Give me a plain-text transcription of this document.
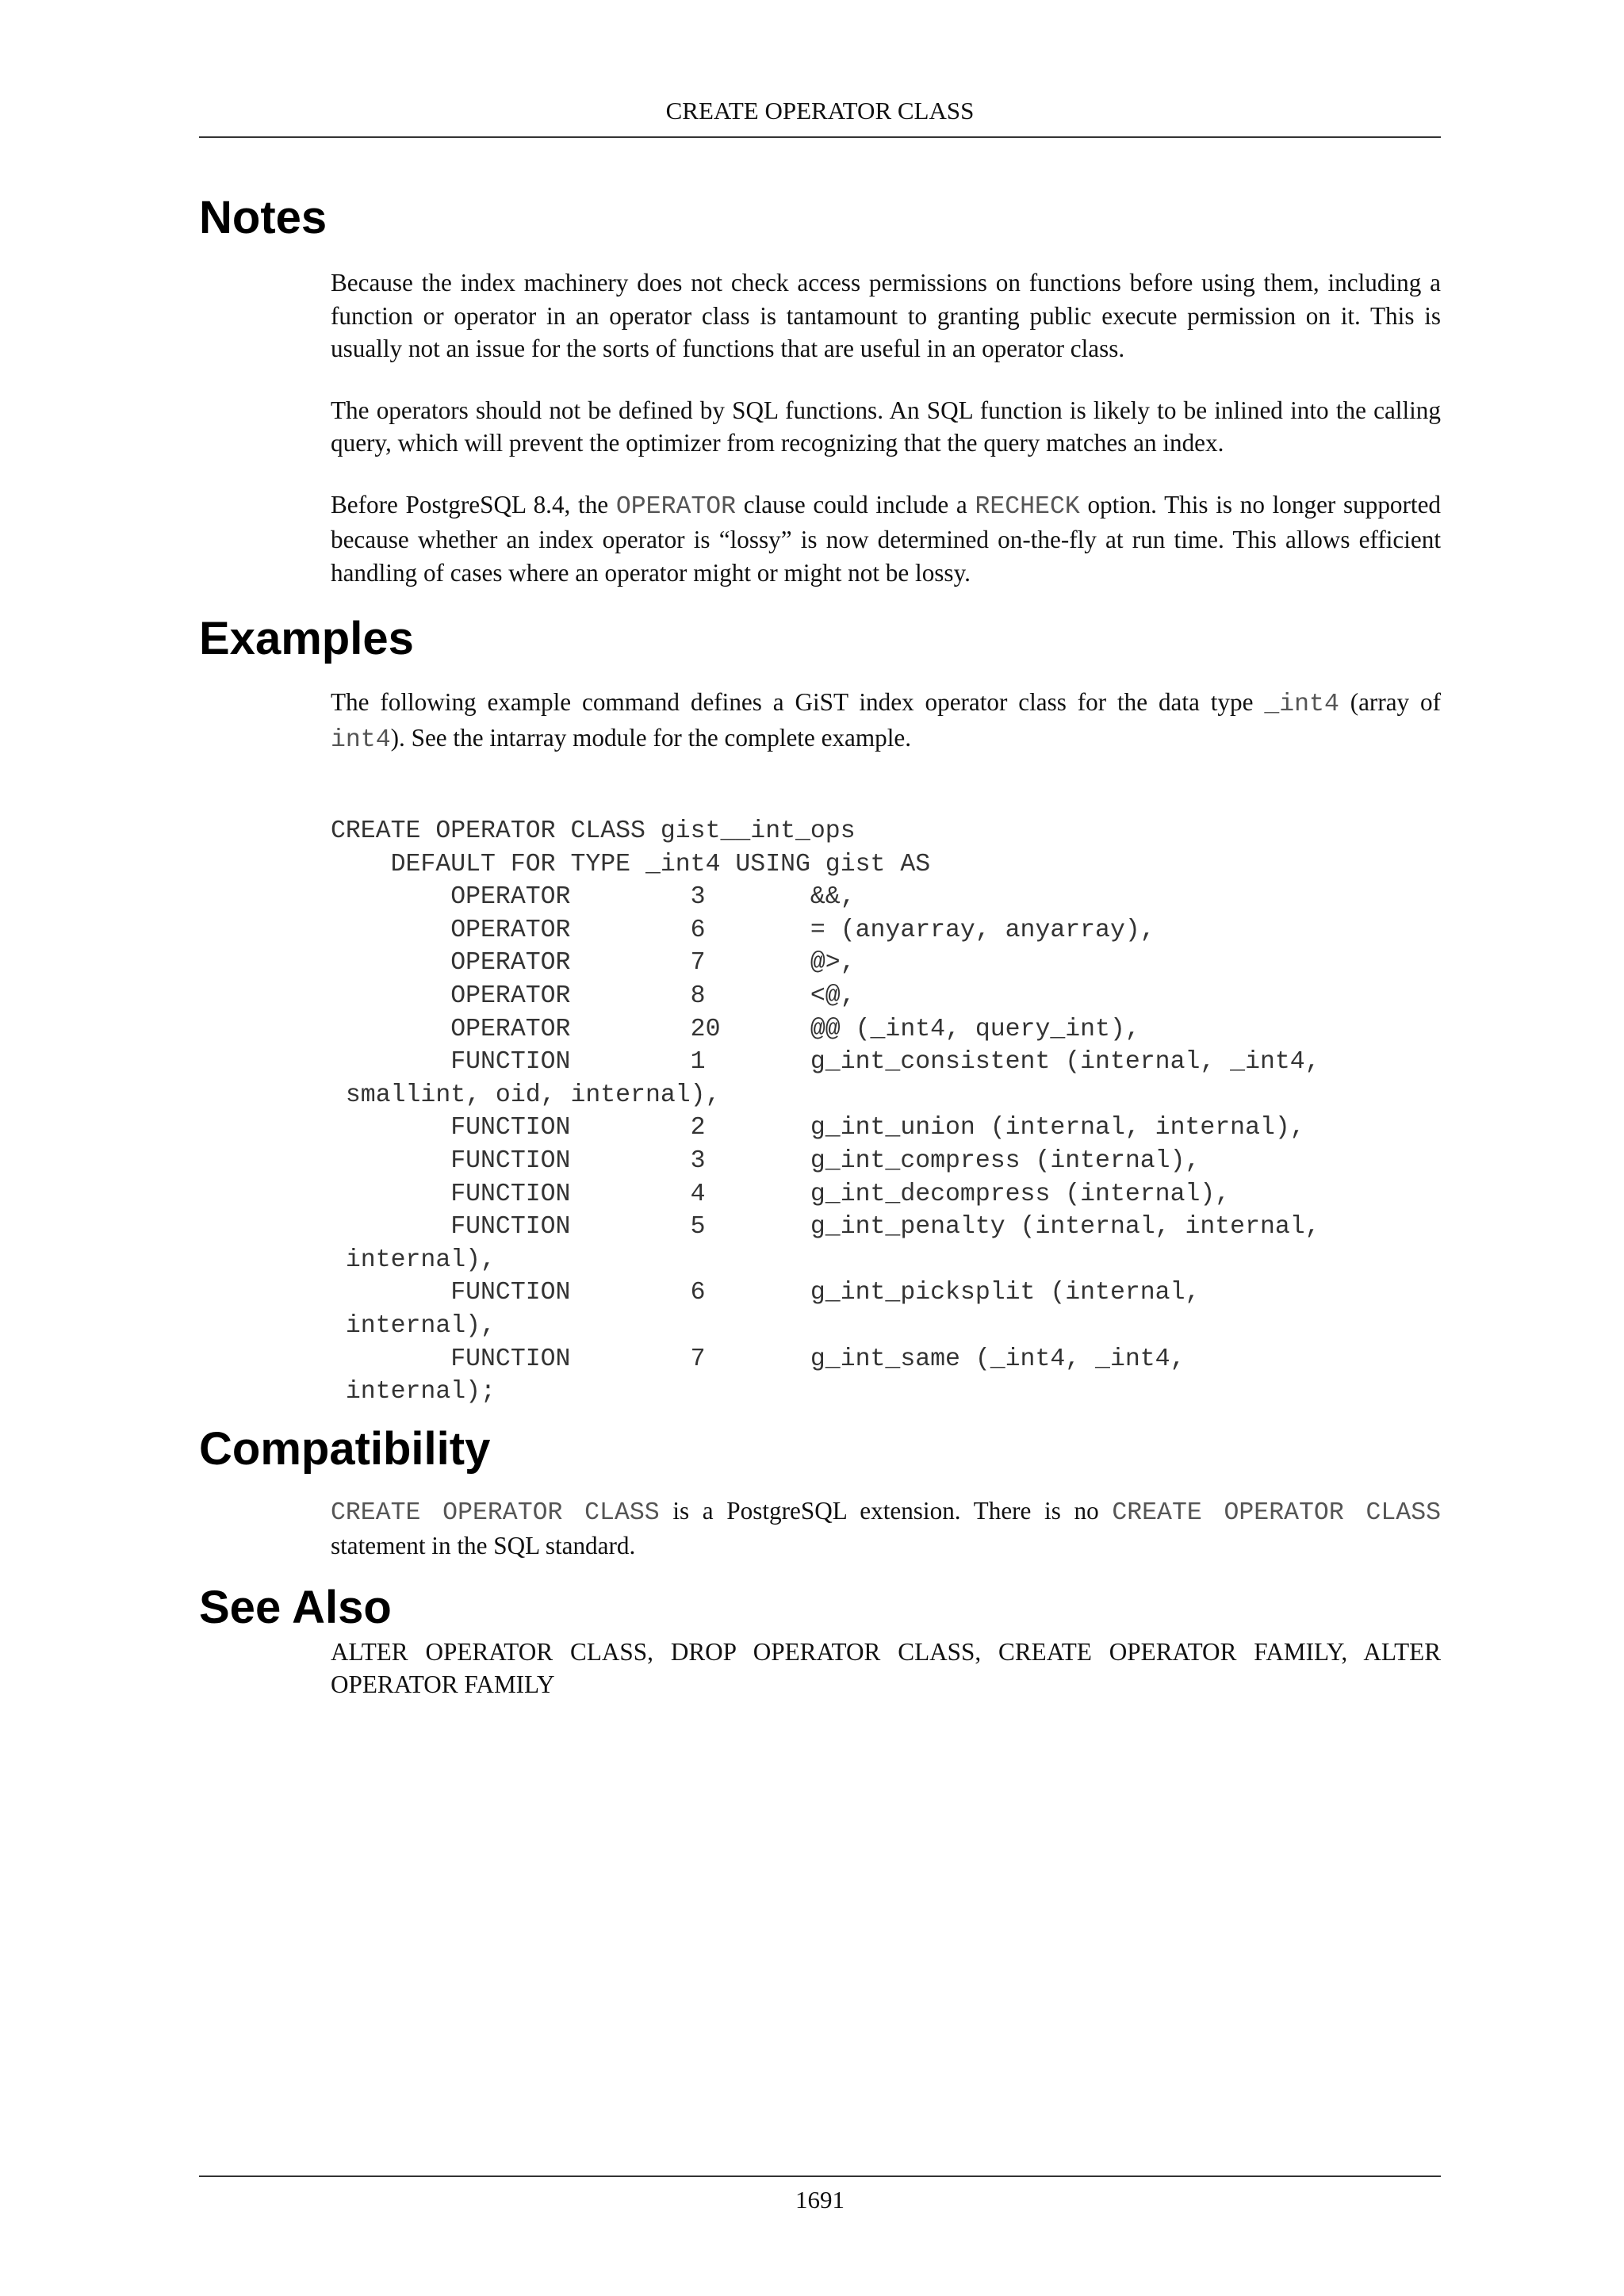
CREATE OPERATOR CLASS
Notes

Because the index machinery does not check access permissions on functions before using them, including a function or operator in an operator class is tantamount to granting public execute permission on it. This is usually not an issue for the sorts of functions that are useful in an operator class.

The operators should not be defined by SQL functions. An SQL function is likely to be inlined into the calling query, which will prevent the optimizer from recognizing that the query matches an index.

Before PostgreSQL 8.4, the OPERATOR clause could include a RECHECK option. This is no longer supported because whether an index operator is “lossy” is now determined on-the-fly at run time. This allows efficient handling of cases where an operator might or might not be lossy.

Examples

The following example command defines a GiST index operator class for the data type _int4 (array of int4). See the intarray module for the complete example.

CREATE OPERATOR CLASS gist__int_ops
DEFAULT FOR TYPE _int4 USING gist AS
OPERATOR        3       &&,
OPERATOR        6       = (anyarray, anyarray),
OPERATOR        7       @>,
OPERATOR        8       <@,
OPERATOR        20      @@ (_int4, query_int),
FUNCTION        1       g_int_consistent (internal, _int4,
smallint, oid, internal),
FUNCTION        2       g_int_union (internal, internal),
FUNCTION        3       g_int_compress (internal),
FUNCTION        4       g_int_decompress (internal),
FUNCTION        5       g_int_penalty (internal, internal,
internal),
FUNCTION        6       g_int_picksplit (internal,
internal),
FUNCTION        7       g_int_same (_int4, _int4,
internal);
Compatibility

CREATE OPERATOR CLASS is a PostgreSQL extension. There is no CREATE OPERATOR CLASS statement in the SQL standard.

See Also

ALTER OPERATOR CLASS, DROP OPERATOR CLASS, CREATE OPERATOR FAMILY, ALTER OPERATOR FAMILY

1691
